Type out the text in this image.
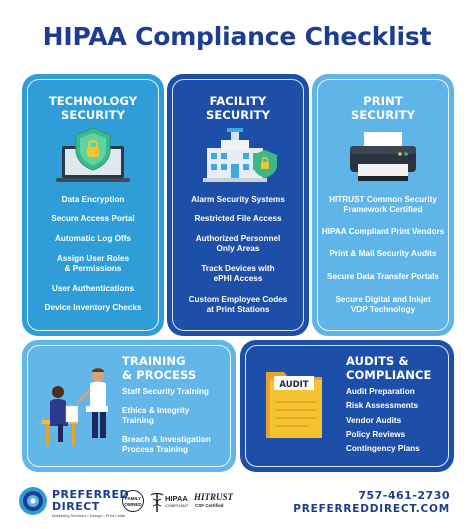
HIPAA Compliance Checklist
TECHNOLOGY
SECURITY
Data Encryption
Secure Access Portal
Automatic Log Offs
Assign User Roles
& Permissions
User Authentications
Device Inventory Checks
FACILITY
SECURITY
Alarm Security Systems
Restricted File Access
Authorized Personnel
Only Areas
Track Devices with
ePHI Access
Custom Employee Codes
at Print Stations
PRINT
SECURITY
HITRUST Common Security
Framework Certified
HIPAA Compliant Print Vendors
Print & Mail Security Audits
Secure Data Transfer Portals
Secure Digital and Inkjet
VDP Technology
TRAINING
& PROCESS
Staff Security Training
Ethics & Integrity
Training
Breach & Investigation
Process Training
AUDIT
AUDITS &
COMPLIANCE
Audit Preparation
Risk Assessments
Vendor Audits
Policy Reviews
Contingency Plans
PREFERRED
DIRECT
Marketing Services • Design • Print • Mail
FAMILY
OWNED
HIPAA
COMPLIANT
HITRUST
CSF Certified
757-461-2730
PREFERREDDIRECT.COM
